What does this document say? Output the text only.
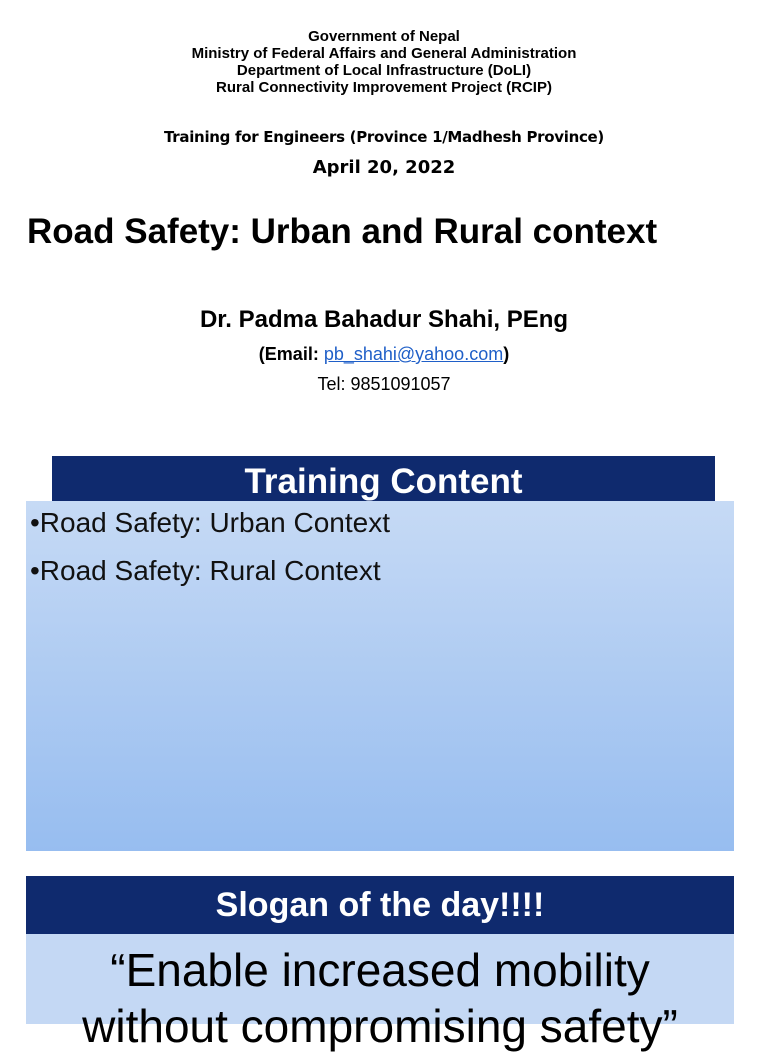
Government of Nepal
Ministry of Federal Affairs and General Administration
Department of Local Infrastructure (DoLI)
Rural Connectivity Improvement Project (RCIP)
Training for Engineers (Province 1/Madhesh Province)
April 20, 2022
Road Safety: Urban and Rural context
Dr. Padma Bahadur Shahi, PEng
(Email: pb_shahi@yahoo.com)
Tel: 9851091057
Training Content
•Road Safety: Urban Context
•Road Safety: Rural Context
Slogan of the day!!!!
“Enable increased mobility
without compromising safety”
